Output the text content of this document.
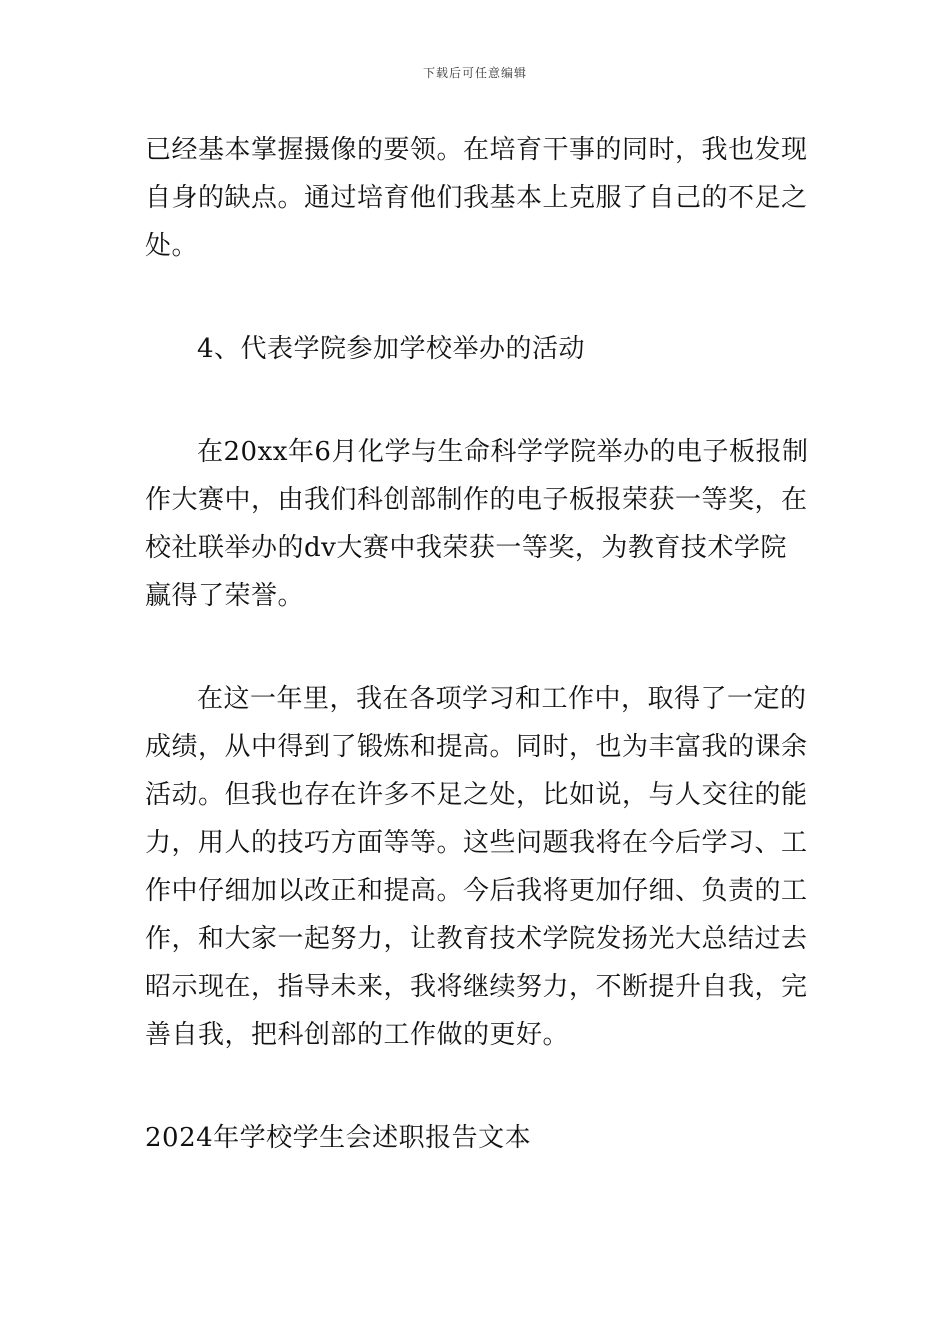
下载后可任意编辑

已经基本掌握摄像的要领。在培育干事的同时，我也发现自身的缺点。通过培育他们我基本上克服了自己的不足之处。

4、代表学院参加学校举办的活动

在20xx年6月化学与生命科学学院举办的电子板报制作大赛中，由我们科创部制作的电子板报荣获一等奖，在校社联举办的dv大赛中我荣获一等奖，为教育技术学院赢得了荣誉。

在这一年里，我在各项学习和工作中，取得了一定的成绩，从中得到了锻炼和提高。同时，也为丰富我的课余活动。但我也存在许多不足之处，比如说，与人交往的能力，用人的技巧方面等等。这些问题我将在今后学习、工作中仔细加以改正和提高。今后我将更加仔细、负责的工作，和大家一起努力，让教育技术学院发扬光大总结过去昭示现在，指导未来，我将继续努力，不断提升自我，完善自我，把科创部的工作做的更好。

2024年学校学生会述职报告文本
